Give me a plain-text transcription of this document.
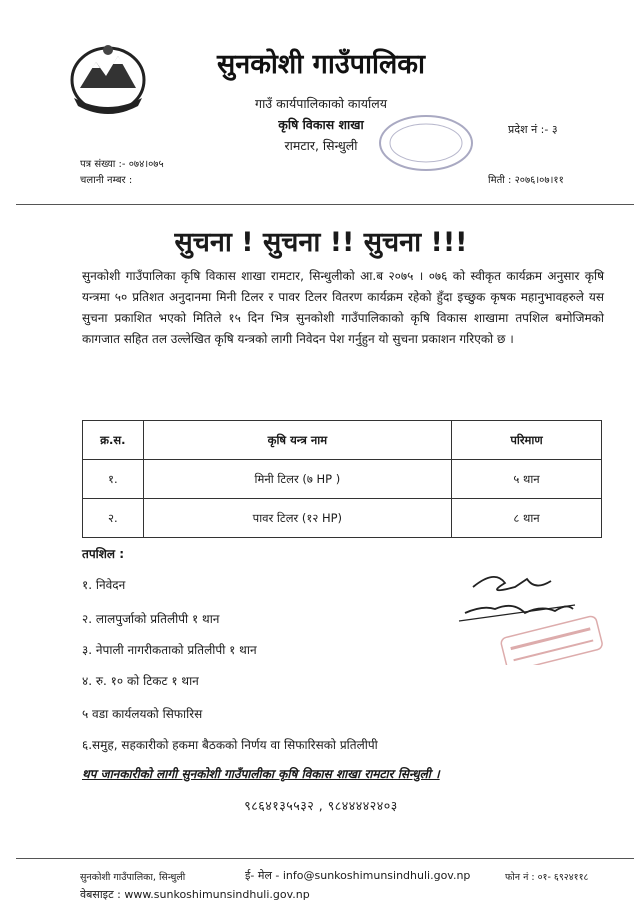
सुनकोशी गाउँपालिका
गाउँ कार्यपालिकाको कार्यालय
कृषि विकास शाखा
रामटार, सिन्धुली
प्रदेश नं :- ३
पत्र संख्या :- ०७४।०७५
चलानी नम्बर :	मिती : २०७६।०७।११
सुचना ! सुचना !! सुचना !!!
सुनकोशी गाउँपालिका कृषि विकास शाखा रामटार, सिन्धुलीको आ.ब २०७५ । ०७६ को स्वीकृत कार्यक्रम अनुसार कृषि यन्त्रमा ५० प्रतिशत अनुदानमा मिनी टिलर र पावर टिलर वितरण कार्यक्रम रहेको हुँदा इच्छुक कृषक महानुभावहरुले यस सुचना प्रकाशित भएको मितिले १५ दिन भित्र सुनकोशी गाउँपालिकाको कृषि विकास शाखामा तपशिल बमोजिमको कागजात सहित तल उल्लेखित कृषि यन्त्रको लागी निवेदन पेश गर्नुहुन यो सुचना प्रकाशन गरिएको छ ।
क्र.स.	कृषि यन्त्र नाम	परिमाण
१.	मिनी टिलर (७ HP )	५ थान
२.	पावर टिलर (१२ HP)	८ थान
तपशिल :
१. निवेदन
२. लालपुर्जाको प्रतिलीपी १ थान
३. नेपाली नागरीकताको प्रतिलीपी १ थान
४. रु. १० को टिकट १ थान
५ वडा कार्यलयको सिफारिस
६.समुह, सहकारीको हकमा बैठकको निर्णय वा सिफारिसको प्रतिलीपी
थप जानकारीको लागी सुनकोशी गाउँपालीका कृषि विकास शाखा रामटार सिन्धुली ।
९८६४१३५५३२ , ९८४४४४२४०३
सुनकोशी गाउँपालिका, सिन्धुली	ई- मेल - info@sunkoshimunsindhuli.gov.np	फोन नं : ०१- ६९२४११८
वेबसाइट : www.sunkoshimunsindhuli.gov.np
